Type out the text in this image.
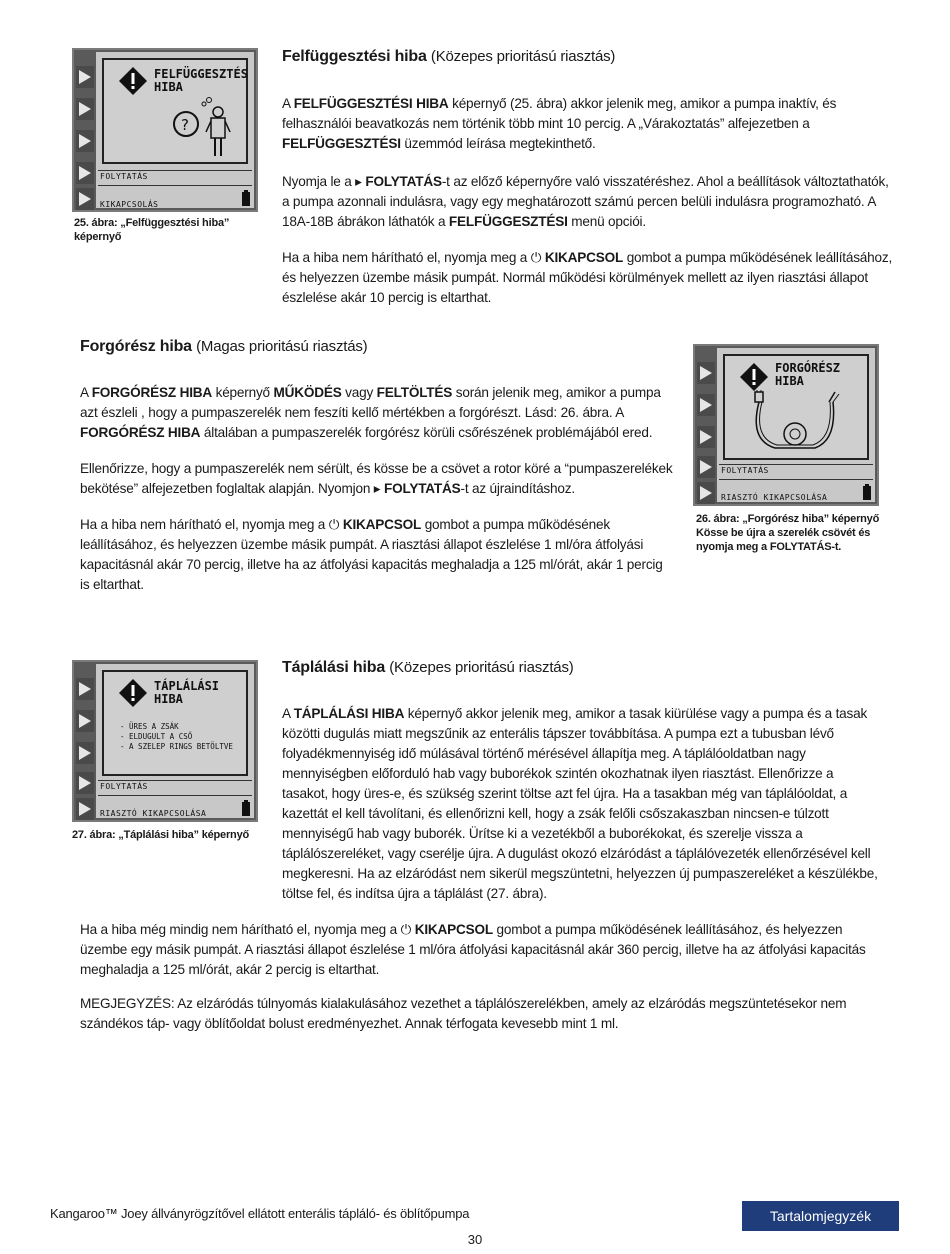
FELFÜGGESZTÉS
HIBA
?
FOLYTATÁS
KIKAPCSOLÁS
25. ábra: „Felfüggesztési hiba” képernyő
Felfüggesztési hiba (Közepes prioritású riasztás)

A FELFÜGGESZTÉSI HIBA képernyő (25. ábra) akkor jelenik meg, amikor a pumpa inaktív, és felhasználói beavatkozás nem történik több mint 10 percig. A „Várakoztatás” alfejezetben a FELFÜGGESZTÉSI üzemmód leírása megtekinthető.

Nyomja le a ▸ FOLYTATÁS-t az előző képernyőre való visszatéréshez. Ahol a beállítások változtathatók, a pumpa azonnali indulásra, vagy egy meghatározott számú percen belüli indulásra programozható. A 18A-18B ábrákon láthatók a FELFÜGGESZTÉSI menü opciói.

Ha a hiba nem hárítható el, nyomja meg a ⏻ KIKAPCSOL gombot a pumpa működésének leállításához, és helyezzen üzembe másik pumpát. Normál működési körülmények mellett az ilyen riasztási állapot észlelése akár 10 percig is eltarthat.

Forgórész hiba (Magas prioritású riasztás)

A FORGÓRÉSZ HIBA képernyő MŰKÖDÉS vagy FELTÖLTÉS során jelenik meg, amikor a pumpa azt észleli , hogy a pumpaszerelék nem feszíti kellő mértékben a forgórészt. Lásd: 26. ábra. A FORGÓRÉSZ HIBA általában a pumpaszerelék forgórész körüli csőrészének problémájából ered.

Ellenőrizze, hogy a pumpaszerelék nem sérült, és kösse be a csövet a rotor köré a “pumpaszerelékek bekötése” alfejezetben foglaltak alapján. Nyomjon ▸ FOLYTATÁS-t az újraindításhoz.

Ha a hiba nem hárítható el, nyomja meg a ⏻ KIKAPCSOL gombot a pumpa működésének leállításához, és helyezzen üzembe másik pumpát. A riasztási állapot észlelése 1 ml/óra átfolyási kapacitásnál akár 70 percig, illetve ha az átfolyási kapacitás meghaladja a 125 ml/órát, akár 1 percig is eltarthat.

FORGÓRÉSZ
HIBA
FOLYTATÁS
RIASZTÓ KIKAPCSOLÁSA
26. ábra: „Forgórész hiba” képernyő Kösse be újra a szerelék csövét és nyomja meg a FOLYTATÁS-t.
TÁPLÁLÁSI
HIBA
- ÜRES A ZSÁK
- ELDUGULT A CSŐ
- A SZELEP RINGS BETÖLTVE
FOLYTATÁS
RIASZTÓ KIKAPCSOLÁSA
27. ábra: „Táplálási hiba” képernyő
Táplálási hiba (Közepes prioritású riasztás)

A TÁPLÁLÁSI HIBA képernyő akkor jelenik meg, amikor a tasak kiürülése vagy a pumpa és a tasak közötti dugulás miatt megszűnik az enterális tápszer továbbítása. A pumpa ezt a tubusban lévő folyadékmennyiség idő múlásával történő mérésével állapítja meg. A táplálóoldatban nagy mennyiségben előforduló hab vagy buborékok szintén okozhatnak ilyen riasztást. Ellenőrizze a tasakot, hogy üres-e, és szükség szerint töltse azt fel újra. Ha a tasakban még van táplálóoldat, a kazettát el kell távolítani, és ellenőrizni kell, hogy a zsák felőli csőszakaszban nincsen-e túlzott mennyiségű hab vagy buborék. Ürítse ki a vezetékből a buborékokat, és szerelje vissza a táplálószereléket, vagy cserélje újra. A dugulást okozó elzáródást a táplálóvezeték ellenőrzésével kell megkeresni. Ha az elzáródást nem sikerül megszüntetni, helyezzen új pumpaszereléket a készülékbe, töltse fel, és indítsa újra a táplálást (27. ábra).

Ha a hiba még mindig nem hárítható el, nyomja meg a ⏻ KIKAPCSOL gombot a pumpa működésének leállításához, és helyezzen üzembe egy másik pumpát. A riasztási állapot észlelése 1 ml/óra átfolyási kapacitásnál akár 360 percig, illetve ha az átfolyási kapacitás meghaladja a 125 ml/órát, akár 2 percig is eltarthat.

MEGJEGYZÉS: Az elzáródás túlnyomás kialakulásához vezethet a táplálószerelékben, amely az elzáródás megszüntetésekor nem szándékos táp- vagy öblítőoldat bolust eredményezhet. Annak térfogata kevesebb mint 1 ml.

Kangaroo™ Joey állványrögzítővel ellátott enterális tápláló- és öblítőpumpa
30
Tartalomjegyzék
